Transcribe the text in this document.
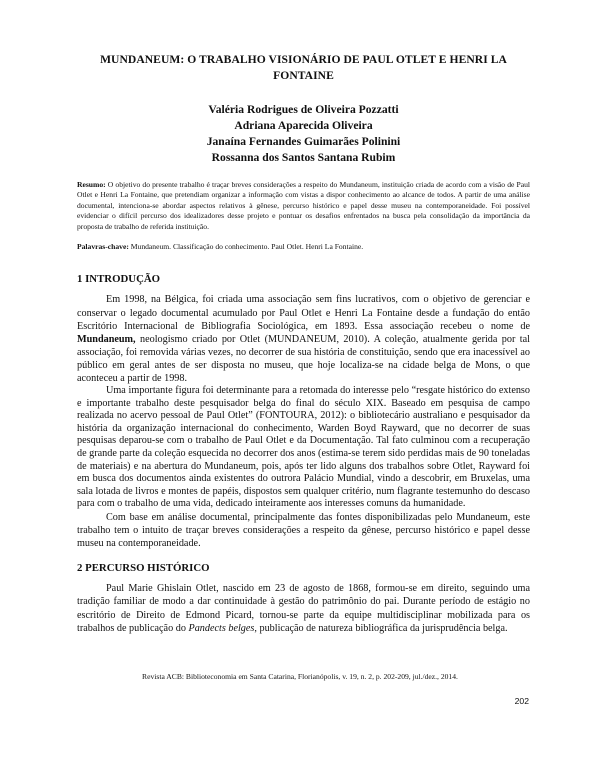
MUNDANEUM: O TRABALHO VISIONÁRIO DE PAUL OTLET E HENRI LA FONTAINE
Valéria Rodrigues de Oliveira Pozzatti
Adriana Aparecida Oliveira
Janaína Fernandes Guimarães Polinini
Rossanna dos Santos Santana Rubim

Resumo: O objetivo do presente trabalho é traçar breves considerações a respeito do Mundaneum, instituição criada de acordo com a visão de Paul Otlet e Henri La Fontaine, que pretendiam organizar a informação com vistas a dispor conhecimento ao alcance de todos. A partir de uma análise documental, intenciona-se abordar aspectos relativos à gênese, percurso histórico e papel desse museu na contemporaneidade. Foi possível evidenciar o difícil percurso dos idealizadores desse projeto e pontuar os desafios enfrentados na busca pela consolidação da importância da proposta de trabalho de referida instituição.

Palavras-chave: Mundaneum. Classificação do conhecimento. Paul Otlet. Henri La Fontaine.

1 INTRODUÇÃO

Em 1998, na Bélgica, foi criada uma associação sem fins lucrativos, com o objetivo de gerenciar e conservar o legado documental acumulado por Paul Otlet e Henri La Fontaine desde a fundação do então Escritório Internacional de Bibliografia Sociológica, em 1893. Essa associação recebeu o nome de Mundaneum, neologismo criado por Otlet (MUNDANEUM, 2010). A coleção, atualmente gerida por tal associação, foi removida várias vezes, no decorrer de sua história de constituição, sendo que era inacessível ao público em geral antes de ser disposta no museu, que hoje localiza-se na cidade belga de Mons, o que aconteceu a partir de 1998.

Uma importante figura foi determinante para a retomada do interesse pelo “resgate histórico do extenso e importante trabalho deste pesquisador belga do final do século XIX. Baseado em pesquisa de campo realizada no acervo pessoal de Paul Otlet” (FONTOURA, 2012): o bibliotecário australiano e pesquisador da história da organização internacional do conhecimento, Warden Boyd Rayward, que no decorrer de suas pesquisas deparou-se com o trabalho de Paul Otlet e da Documentação. Tal fato culminou com a recuperação de grande parte da coleção esquecida no decorrer dos anos (estima-se terem sido perdidas mais de 90 toneladas de materiais) e na abertura do Mundaneum, pois, após ter lido alguns dos trabalhos sobre Otlet, Rayward foi em busca dos documentos ainda existentes do outrora Palácio Mundial, vindo a descobrir, em Bruxelas, uma sala lotada de livros e montes de papéis, dispostos sem qualquer critério, num flagrante testemunho do descaso para com o trabalho de uma vida, dedicado inteiramente aos interesses comuns da humanidade.

Com base em análise documental, principalmente das fontes disponibilizadas pelo Mundaneum, este trabalho tem o intuito de traçar breves considerações a respeito da gênese, percurso histórico e papel desse museu na contemporaneidade.

2 PERCURSO HISTÓRICO

Paul Marie Ghislain Otlet, nascido em 23 de agosto de 1868, formou-se em direito, seguindo uma tradição familiar de modo a dar continuidade à gestão do patrimônio do pai. Durante período de estágio no escritório de Direito de Edmond Picard, tornou-se parte da equipe multidisciplinar mobilizada para os trabalhos de publicação do Pandects belges, publicação de natureza bibliográfica da jurisprudência belga.

Revista ACB: Biblioteconomia em Santa Catarina, Florianópolis, v. 19, n. 2, p. 202-209, jul./dez., 2014.
202
